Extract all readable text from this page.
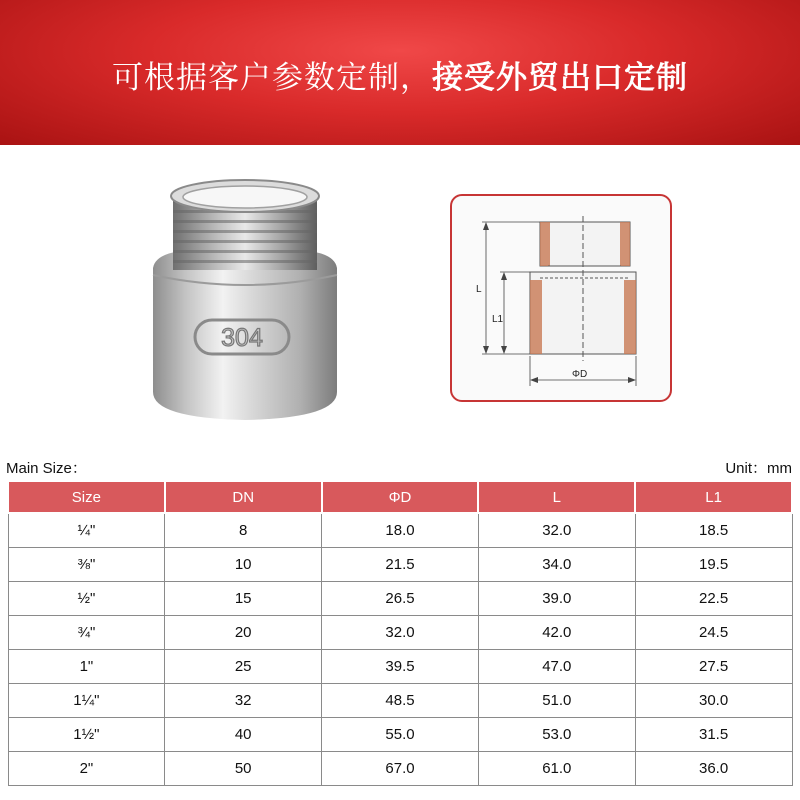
可根据客户参数定制，接受外贸出口定制
304
L
L1
ΦD
Main Size：	Unit：mm
Size	DN	ΦD	L	L1
¼"	8	18.0	32.0	18.5
⅜"	10	21.5	34.0	19.5
½"	15	26.5	39.0	22.5
¾"	20	32.0	42.0	24.5
1"	25	39.5	47.0	27.5
1¼"	32	48.5	51.0	30.0
1½"	40	55.0	53.0	31.5
2"	50	67.0	61.0	36.0
